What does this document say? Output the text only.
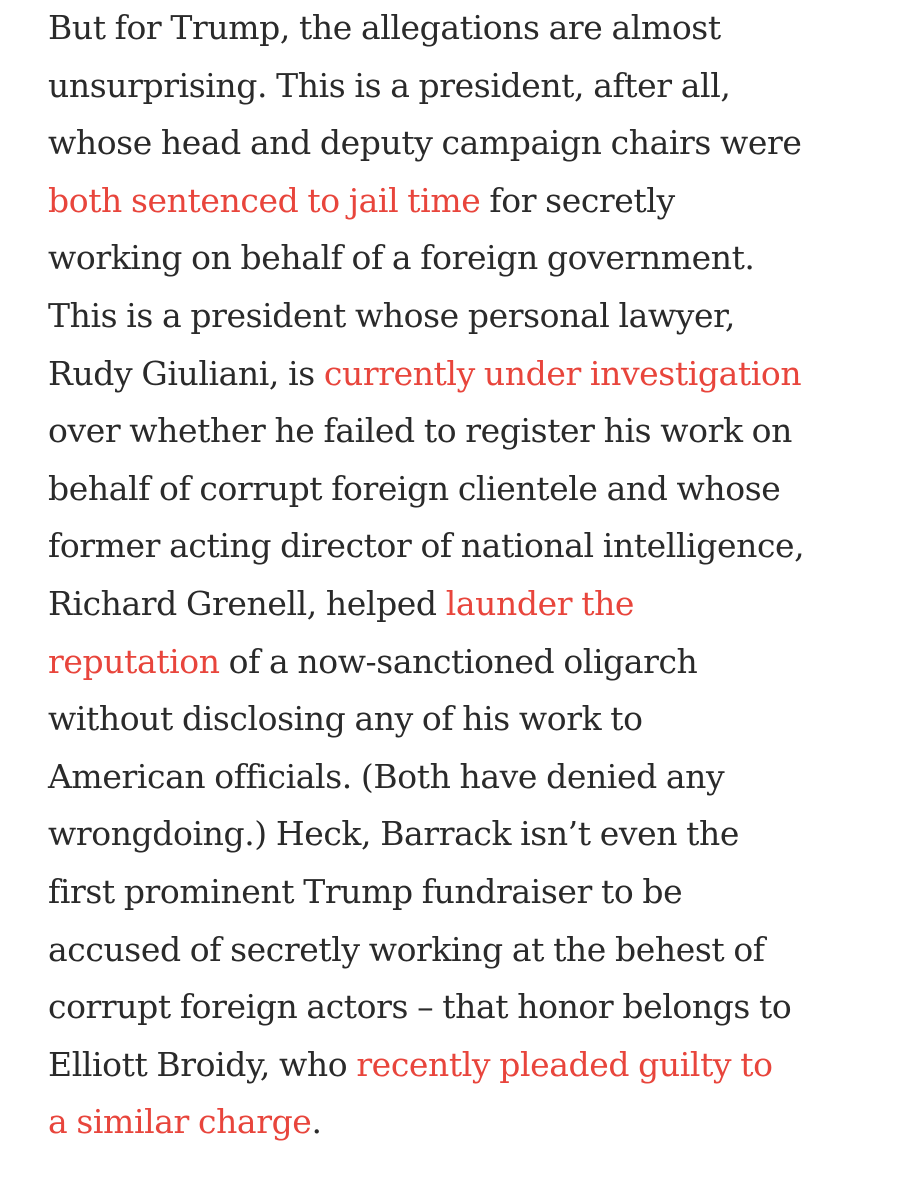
But for Trump, the allegations are almost
unsurprising. This is a president, after all,
whose head and deputy campaign chairs were
both sentenced to jail time for secretly
working on behalf of a foreign government.
This is a president whose personal lawyer,
Rudy Giuliani, is currently under investigation
over whether he failed to register his work on
behalf of corrupt foreign clientele and whose
former acting director of national intelligence,
Richard Grenell, helped launder the
reputation of a now-sanctioned oligarch
without disclosing any of his work to
American officials. (Both have denied any
wrongdoing.) Heck, Barrack isn’t even the
first prominent Trump fundraiser to be
accused of secretly working at the behest of
corrupt foreign actors – that honor belongs to
Elliott Broidy, who recently pleaded guilty to
a similar charge.
